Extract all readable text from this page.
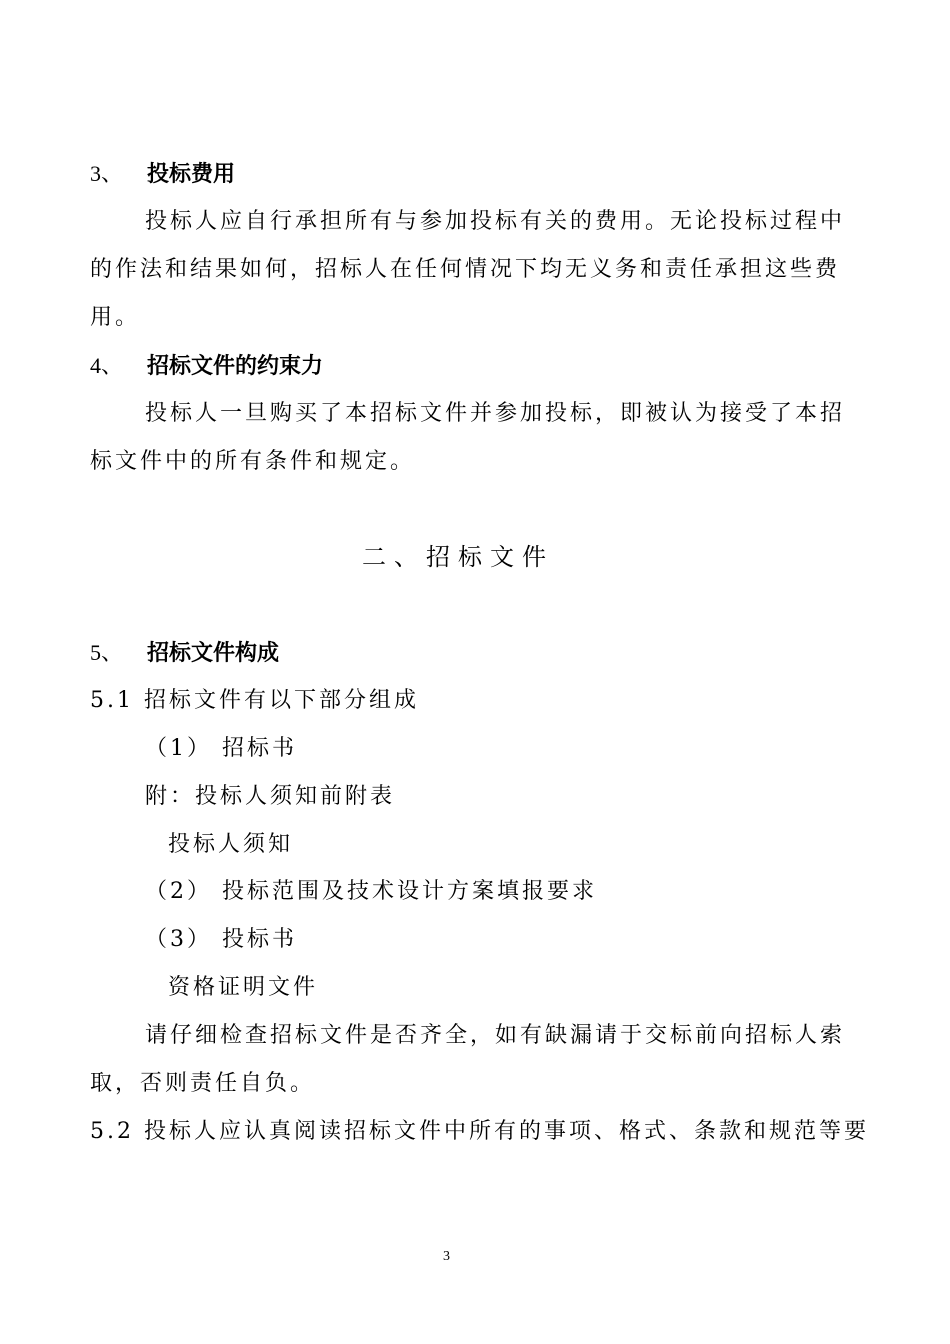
3、 投标费用
投标人应自行承担所有与参加投标有关的费用。无论投标过程中
的作法和结果如何，招标人在任何情况下均无义务和责任承担这些费
用。
4、 招标文件的约束力
投标人一旦购买了本招标文件并参加投标，即被认为接受了本招
标文件中的所有条件和规定。
二、招标文件
5、 招标文件构成
5.1 招标文件有以下部分组成
（1） 招标书
附：投标人须知前附表
投标人须知
（2） 投标范围及技术设计方案填报要求
（3） 投标书
资格证明文件
请仔细检查招标文件是否齐全，如有缺漏请于交标前向招标人索
取，否则责任自负。
5.2 投标人应认真阅读招标文件中所有的事项、格式、条款和规范等要
3
